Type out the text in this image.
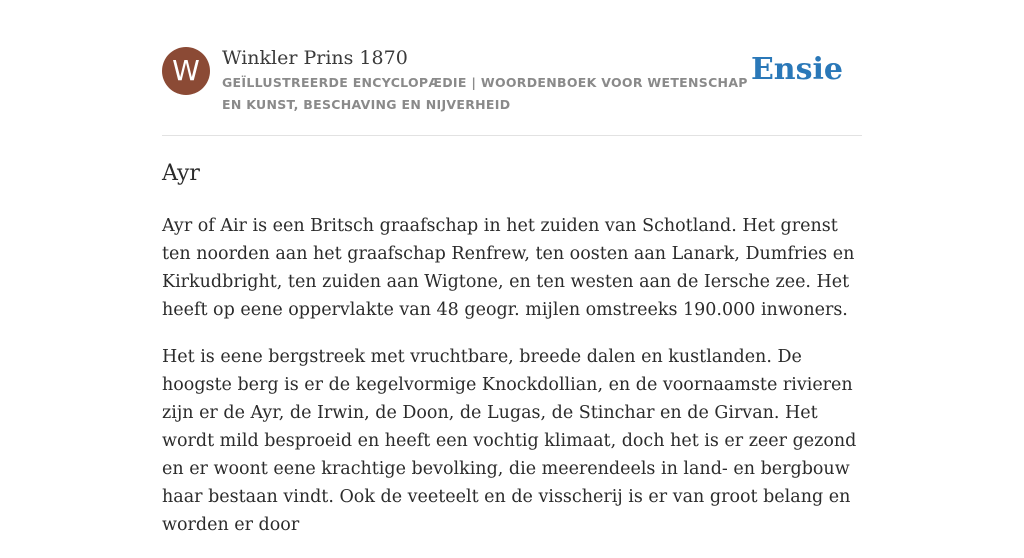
W	Winkler Prins 1870
GEÏLLUSTREERDE ENCYCLOPÆDIE | WOORDENBOEK VOOR WETENSCHAP EN KUNST, BESCHAVING EN NIJVERHEID
Ensie
Ayr

Ayr of Air is een Britsch graafschap in het zuiden van Schotland. Het grenst ten noorden aan het graafschap Renfrew, ten oosten aan Lanark, Dumfries en Kirkudbright, ten zuiden aan Wigtone, en ten westen aan de Iersche zee. Het heeft op eene oppervlakte van 48 geogr. mijlen omstreeks 190.000 inwoners.

Het is eene bergstreek met vruchtbare, breede dalen en kustlanden. De hoogste berg is er de kegelvormige Knockdollian, en de voornaamste rivieren zijn er de Ayr, de Irwin, de Doon, de Lugas, de Stinchar en de Girvan. Het wordt mild besproeid en heeft een vochtig klimaat, doch het is er zeer gezond en er woont eene krachtige bevolking, die meerendeels in land- en bergbouw haar bestaan vindt. Ook de veeteelt en de visscherij is er van groot belang en worden er door
